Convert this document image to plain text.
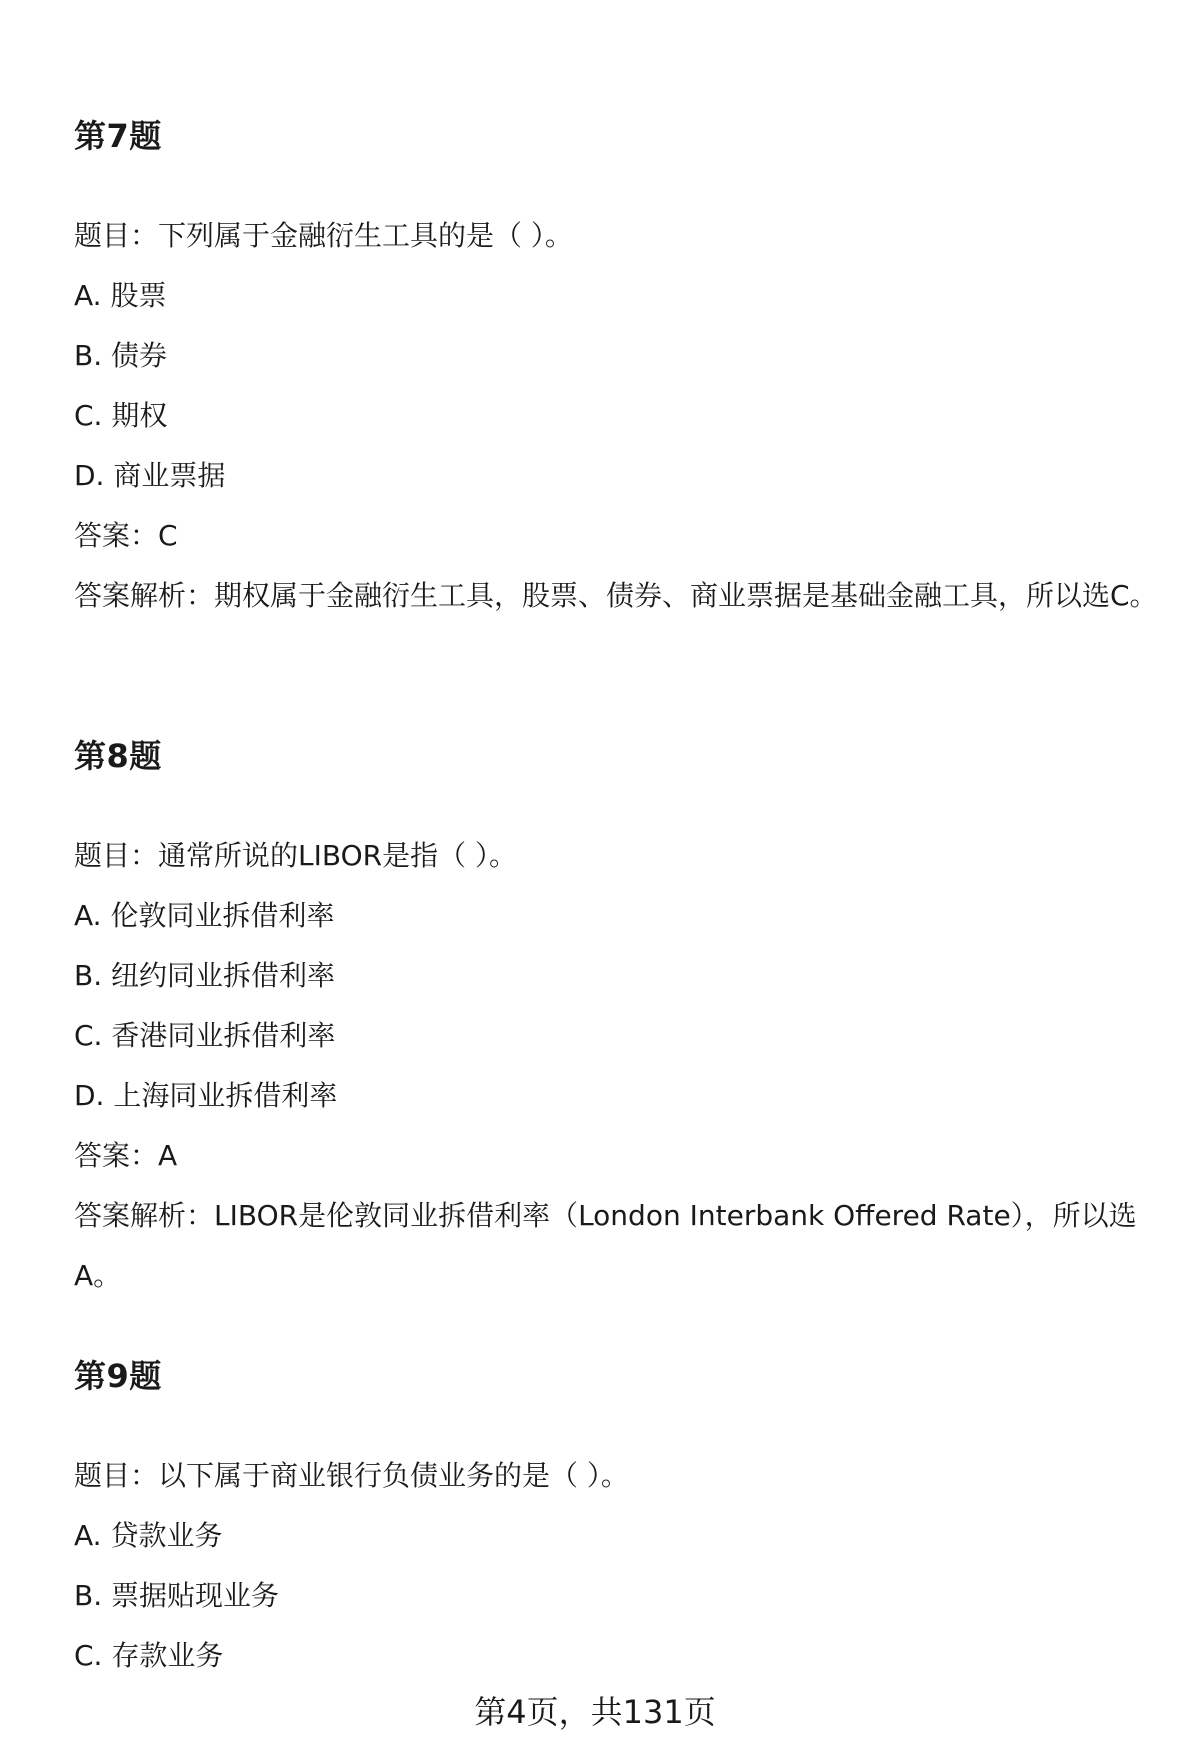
第7题

题目：下列属于金融衍生工具的是（ ）。

A. 股票

B. 债券

C. 期权

D. 商业票据

答案：C

答案解析：期权属于金融衍生工具，股票、债券、商业票据是基础金融工具，所以选C。

第8题

题目：通常所说的LIBOR是指（ ）。

A. 伦敦同业拆借利率

B. 纽约同业拆借利率

C. 香港同业拆借利率

D. 上海同业拆借利率

答案：A

答案解析：LIBOR是伦敦同业拆借利率（London Interbank Offered Rate），所以选A。

第9题

题目：以下属于商业银行负债业务的是（ ）。

A. 贷款业务

B. 票据贴现业务

C. 存款业务

第4页，共131页
